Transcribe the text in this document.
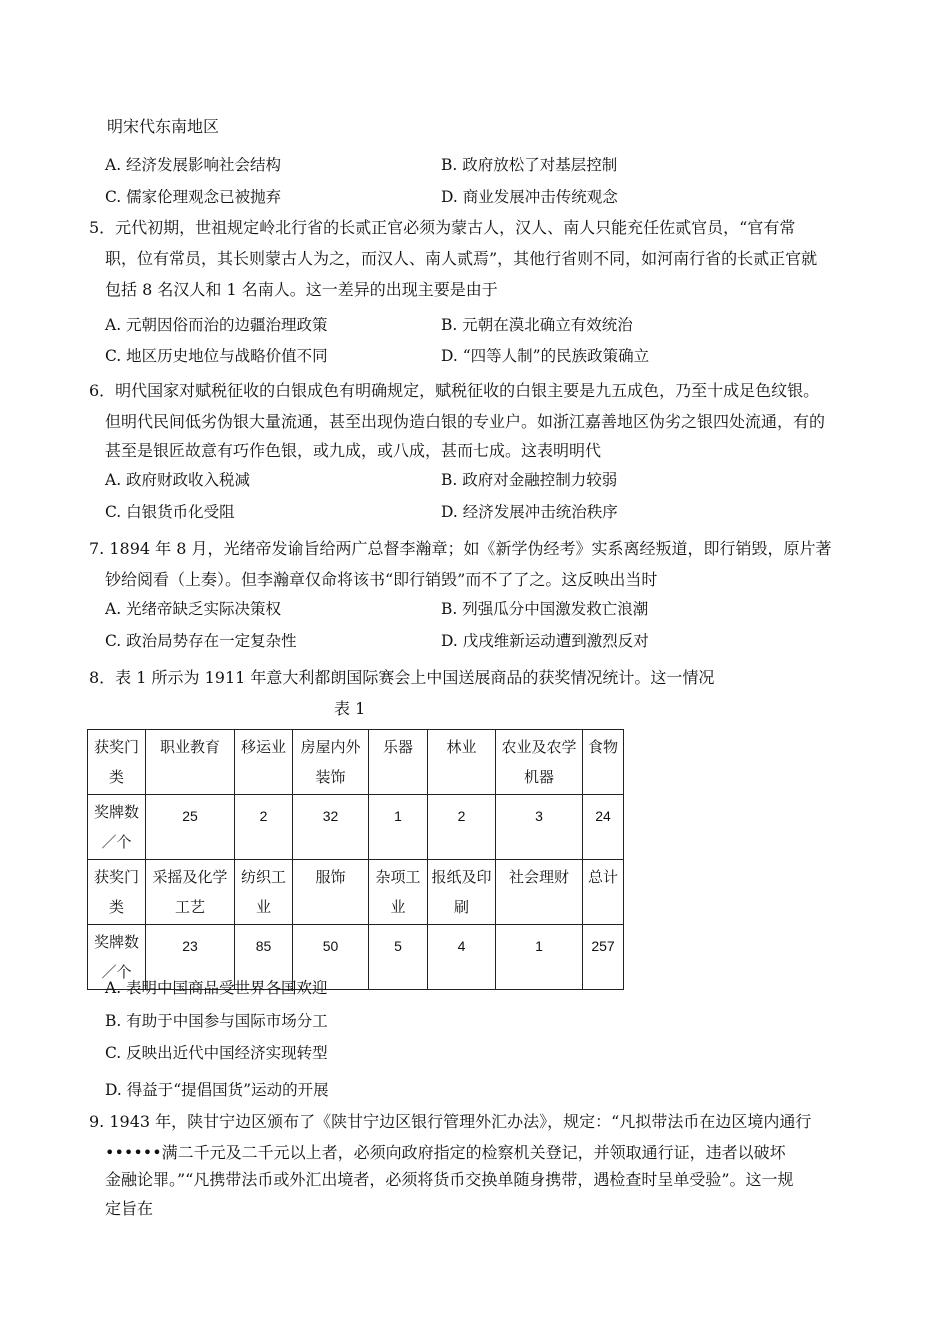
明宋代东南地区
A. 经济发展影响社会结构	B. 政府放松了对基层控制
C. 儒家伦理观念已被抛弃	D. 商业发展冲击传统观念
5．元代初期，世祖规定岭北行省的长贰正官必须为蒙古人，汉人、南人只能充任佐贰官员，“官有常
职，位有常员，其长则蒙古人为之，而汉人、南人贰焉”，其他行省则不同，如河南行省的长贰正官就
包括 8 名汉人和 1 名南人。这一差异的出现主要是由于
A. 元朝因俗而治的边疆治理政策	B. 元朝在漠北确立有效统治
C. 地区历史地位与战略价值不同	D. “四等人制”的民族政策确立
6．明代国家对赋税征收的白银成色有明确规定，赋税征收的白银主要是九五成色，乃至十成足色纹银。
但明代民间低劣伪银大量流通，甚至出现伪造白银的专业户。如浙江嘉善地区伪劣之银四处流通，有的
甚至是银匠故意有巧作色银，或九成，或八成，甚而七成。这表明明代
A. 政府财政收入税减	B. 政府对金融控制力较弱
C. 白银货币化受阻	D. 经济发展冲击统治秩序
7. 1894 年 8 月，光绪帝发谕旨给两广总督李瀚章；如《新学伪经考》实系离经叛道，即行销毁，原片著
钞给阅看（上奏）。但李瀚章仅命将该书“即行销毁”而不了了之。这反映出当时
A. 光绪帝缺乏实际决策权	B. 列强瓜分中国激发救亡浪潮
C. 政治局势存在一定复杂性	D. 戊戌维新运动遭到激烈反对
8．表 1 所示为 1911 年意大利都朗国际赛会上中国送展商品的获奖情况统计。这一情况
表 1
获奖门类	职业教育	移运业	房屋内外装饰	乐器	林业	农业及农学机器	食物
奖牌数／个	25	2	32	1	2	3	24
获奖门类	采摇及化学工艺	纺织工业	服饰	杂项工业	报纸及印刷	社会理财	总计
奖牌数／个	23	85	50	5	4	1	257
A. 表明中国商品受世界各国欢迎
B. 有助于中国参与国际市场分工
C. 反映出近代中国经济实现转型
D. 得益于“提倡国货”运动的开展
9. 1943 年，陕甘宁边区颁布了《陕甘宁边区银行管理外汇办法》，规定：“凡拟带法币在边区境内通行
••••••满二千元及二千元以上者，必须向政府指定的检察机关登记，并领取通行证，违者以破坏
金融论罪。”“凡携带法币或外汇出境者，必须将货币交换单随身携带，遇检查时呈单受验”。这一规
定旨在
